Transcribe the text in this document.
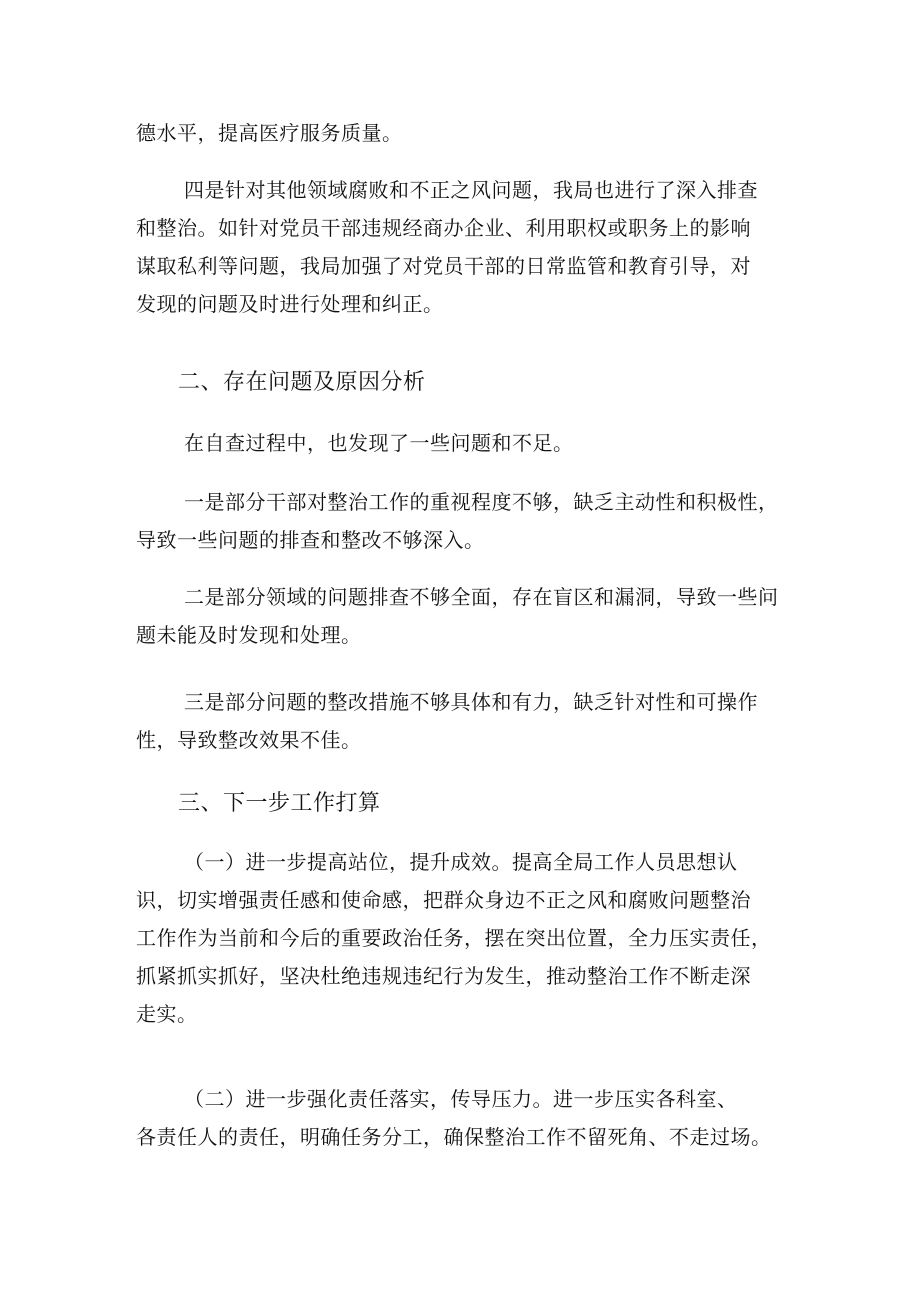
德水平，提高医疗服务质量。

四是针对其他领域腐败和不正之风问题，我局也进行了深入排查
和整治。如针对党员干部违规经商办企业、利用职权或职务上的影响
谋取私利等问题，我局加强了对党员干部的日常监管和教育引导，对
发现的问题及时进行处理和纠正。

二、存在问题及原因分析

在自查过程中，也发现了一些问题和不足。

一是部分干部对整治工作的重视程度不够，缺乏主动性和积极性，
导致一些问题的排查和整改不够深入。

二是部分领域的问题排查不够全面，存在盲区和漏洞，导致一些问
题未能及时发现和处理。

三是部分问题的整改措施不够具体和有力，缺乏针对性和可操作
性，导致整改效果不佳。

三、下一步工作打算

（一）进一步提高站位，提升成效。提高全局工作人员思想认
识，切实增强责任感和使命感，把群众身边不正之风和腐败问题整治
工作作为当前和今后的重要政治任务，摆在突出位置，全力压实责任，
抓紧抓实抓好，坚决杜绝违规违纪行为发生，推动整治工作不断走深
走实。

（二）进一步强化责任落实，传导压力。进一步压实各科室、
各责任人的责任，明确任务分工，确保整治工作不留死角、不走过场。
